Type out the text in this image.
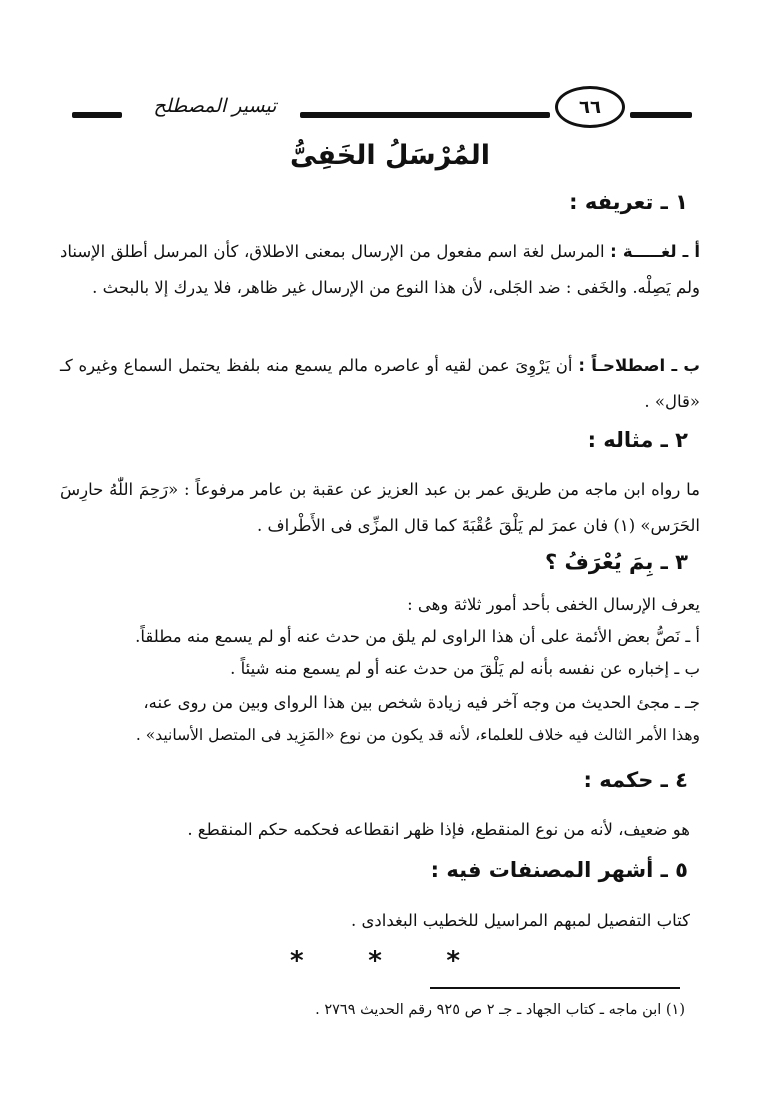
تيسير المصطلح	٦٦
المُرْسَلُ الخَفِىُّ
١ ـ تعريفه :
أ ـ لغـــــة : المرسل لغة اسم مفعول من الإرسال بمعنى الاطلاق، كأن المرسل أطلق الإسناد ولم يَصِلْه. والخَفى : ضد الجَلى، لأن هذا النوع من الإرسال غير ظاهر، فلا يدرك إلا بالبحث .
ب ـ اصطلاحـاً : أن يَرْوِىَ عمن لقيه أو عاصره مالم يسمع منه بلفظ يحتمل السماع وغيره كـ «قال» .
٢ ـ مثاله :
ما رواه ابن ماجه من طريق عمر بن عبد العزيز عن عقبة بن عامر مرفوعاً : «رَحِمَ اللّٰهُ حارِسَ الحَرَس» (١) فان عمرَ لم يَلْقَ عُقْبَةَ كما قال المزِّى فى الأَطْراف .
٣ ـ بِمَ يُعْرَفُ ؟
يعرف الإرسال الخفى بأحد أمور ثلاثة وهى :
أ ـ نَصُّ بعض الأئمة على أن هذا الراوى لم يلق من حدث عنه أو لم يسمع منه مطلقاً.
ب ـ إخباره عن نفسه بأنه لم يَلْقَ من حدث عنه أو لم يسمع منه شيئاً .
جـ ـ مجئ الحديث من وجه آخر فيه زيادة شخص بين هذا الرواى وبين من روى عنه،
وهذا الأمر الثالث فيه خلاف للعلماء، لأنه قد يكون من نوع «المَزِيد فى المتصل الأسانيد» .
٤ ـ حكمه :
هو ضعيف، لأنه من نوع المنقطع، فإذا ظهر انقطاعه فحكمه حكم المنقطع .
٥ ـ أشهر المصنفات فيه :
كتاب التفصيل لمبهم المراسيل للخطيب البغدادى .
* * *
(١) ابن ماجه ـ كتاب الجهاد ـ جـ ٢ ص ٩٢٥ رقم الحديث ٢٧٦٩ .
